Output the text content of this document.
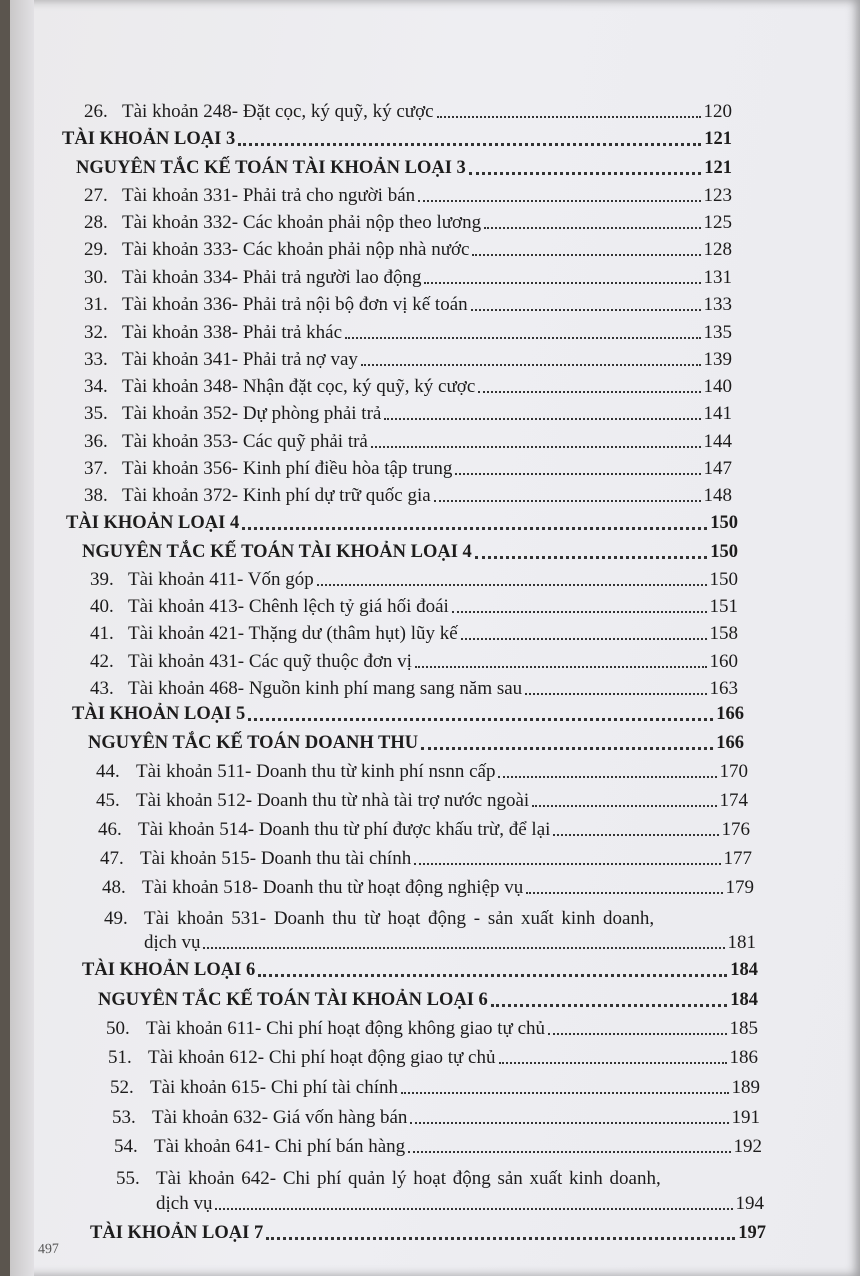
26. Tài khoản 248- Đặt cọc, ký quỹ, ký cược	120
TÀI KHOẢN LOẠI 3	121
NGUYÊN TẮC KẾ TOÁN TÀI KHOẢN LOẠI 3	121
27. Tài khoản 331- Phải trả cho người bán	123
28. Tài khoản 332- Các khoản phải nộp theo lương	125
29. Tài khoản 333- Các khoản phải nộp nhà nước	128
30. Tài khoản 334- Phải trả người lao động	131
31. Tài khoản 336- Phải trả nội bộ đơn vị kế toán	133
32. Tài khoản 338- Phải trả khác	135
33. Tài khoản 341- Phải trả nợ vay	139
34. Tài khoản 348- Nhận đặt cọc, ký quỹ, ký cược	140
35. Tài khoản 352- Dự phòng phải trả	141
36. Tài khoản 353- Các quỹ phải trả	144
37. Tài khoản 356- Kinh phí điều hòa tập trung	147
38. Tài khoản 372- Kinh phí dự trữ quốc gia	148
TÀI KHOẢN LOẠI 4	150
NGUYÊN TẮC KẾ TOÁN TÀI KHOẢN LOẠI 4	150
39. Tài khoản 411- Vốn góp	150
40. Tài khoản 413- Chênh lệch tỷ giá hối đoái	151
41. Tài khoản 421- Thặng dư (thâm hụt) lũy kế	158
42. Tài khoản 431- Các quỹ thuộc đơn vị	160
43. Tài khoản 468- Nguồn kinh phí mang sang năm sau	163
TÀI KHOẢN LOẠI 5	166
NGUYÊN TẮC KẾ TOÁN DOANH THU	166
44. Tài khoản 511- Doanh thu từ kinh phí nsnn cấp	170
45. Tài khoản 512- Doanh thu từ nhà tài trợ nước ngoài	174
46. Tài khoản 514- Doanh thu từ phí được khấu trừ, để lại	176
47. Tài khoản 515- Doanh thu tài chính	177
48. Tài khoản 518- Doanh thu từ hoạt động nghiệp vụ	179
49. Tài khoản 531- Doanh thu từ hoạt động - sản xuất kinh doanh,
dịch vụ	181
TÀI KHOẢN LOẠI 6	184
NGUYÊN TẮC KẾ TOÁN TÀI KHOẢN LOẠI 6	184
50. Tài khoản 611- Chi phí hoạt động không giao tự chủ	185
51. Tài khoản 612- Chi phí hoạt động giao tự chủ	186
52. Tài khoản 615- Chi phí tài chính	189
53. Tài khoản 632- Giá vốn hàng bán	191
54. Tài khoản 641- Chi phí bán hàng	192
55. Tài khoản 642- Chi phí quản lý hoạt động sản xuất kinh doanh,
dịch vụ	194
TÀI KHOẢN LOẠI 7	197
497
